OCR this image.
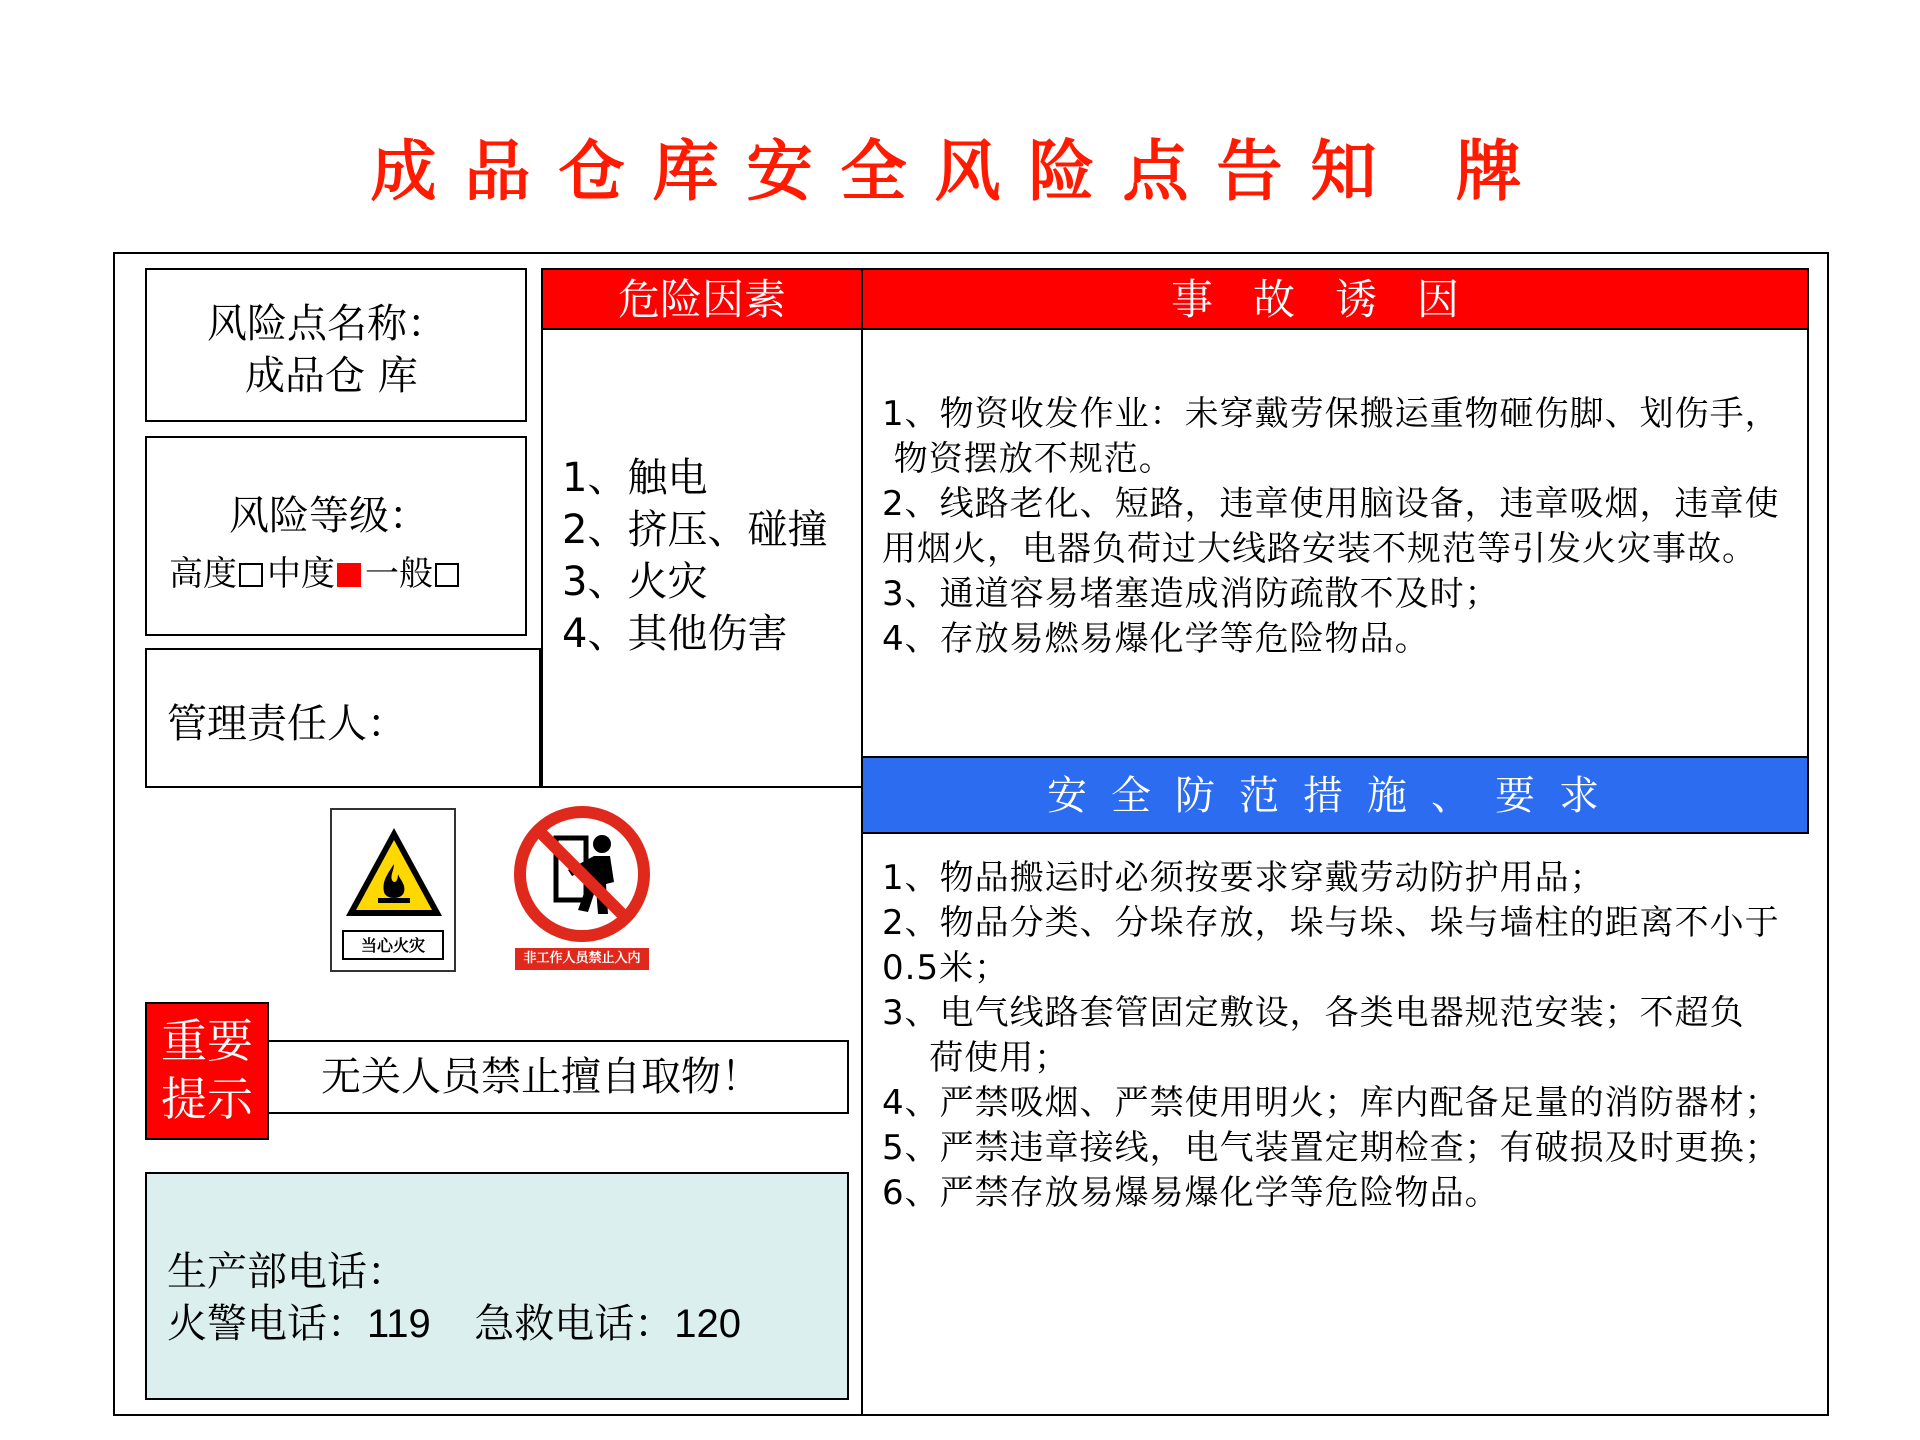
成品仓库安全风险点告知 牌
风险点名称：
成品仓 库
风险等级：
高度 中度 一般
管理责任人：
危险因素
1、触电
2、挤压、碰撞
3、火灾
4、其他伤害
事故诱因
1、物资收发作业：未穿戴劳保搬运重物砸伤脚、划伤手，
物资摆放不规范。
2、线路老化、短路，违章使用脑设备，违章吸烟，违章使用烟火，电器负荷过大线路安装不规范等引发火灾事故。
3、通道容易堵塞造成消防疏散不及时；
4、存放易燃易爆化学等危险物品。
安全防范措施、要求
1、物品搬运时必须按要求穿戴劳动防护用品；
2、物品分类、分垛存放，垛与垛、垛与墙柱的距离不小于0.5米；
3、电气线路套管固定敷设，各类电器规范安装；不超负
荷使用；
4、严禁吸烟、严禁使用明火；库内配备足量的消防器材；
5、严禁违章接线，电气装置定期检查；有破损及时更换；
6、严禁存放易爆易爆化学等危险物品。
当心火灾
非工作人员禁止入内
重要
提示	无关人员禁止擅自取物！
生产部电话：
火警电话：119 急救电话：120
